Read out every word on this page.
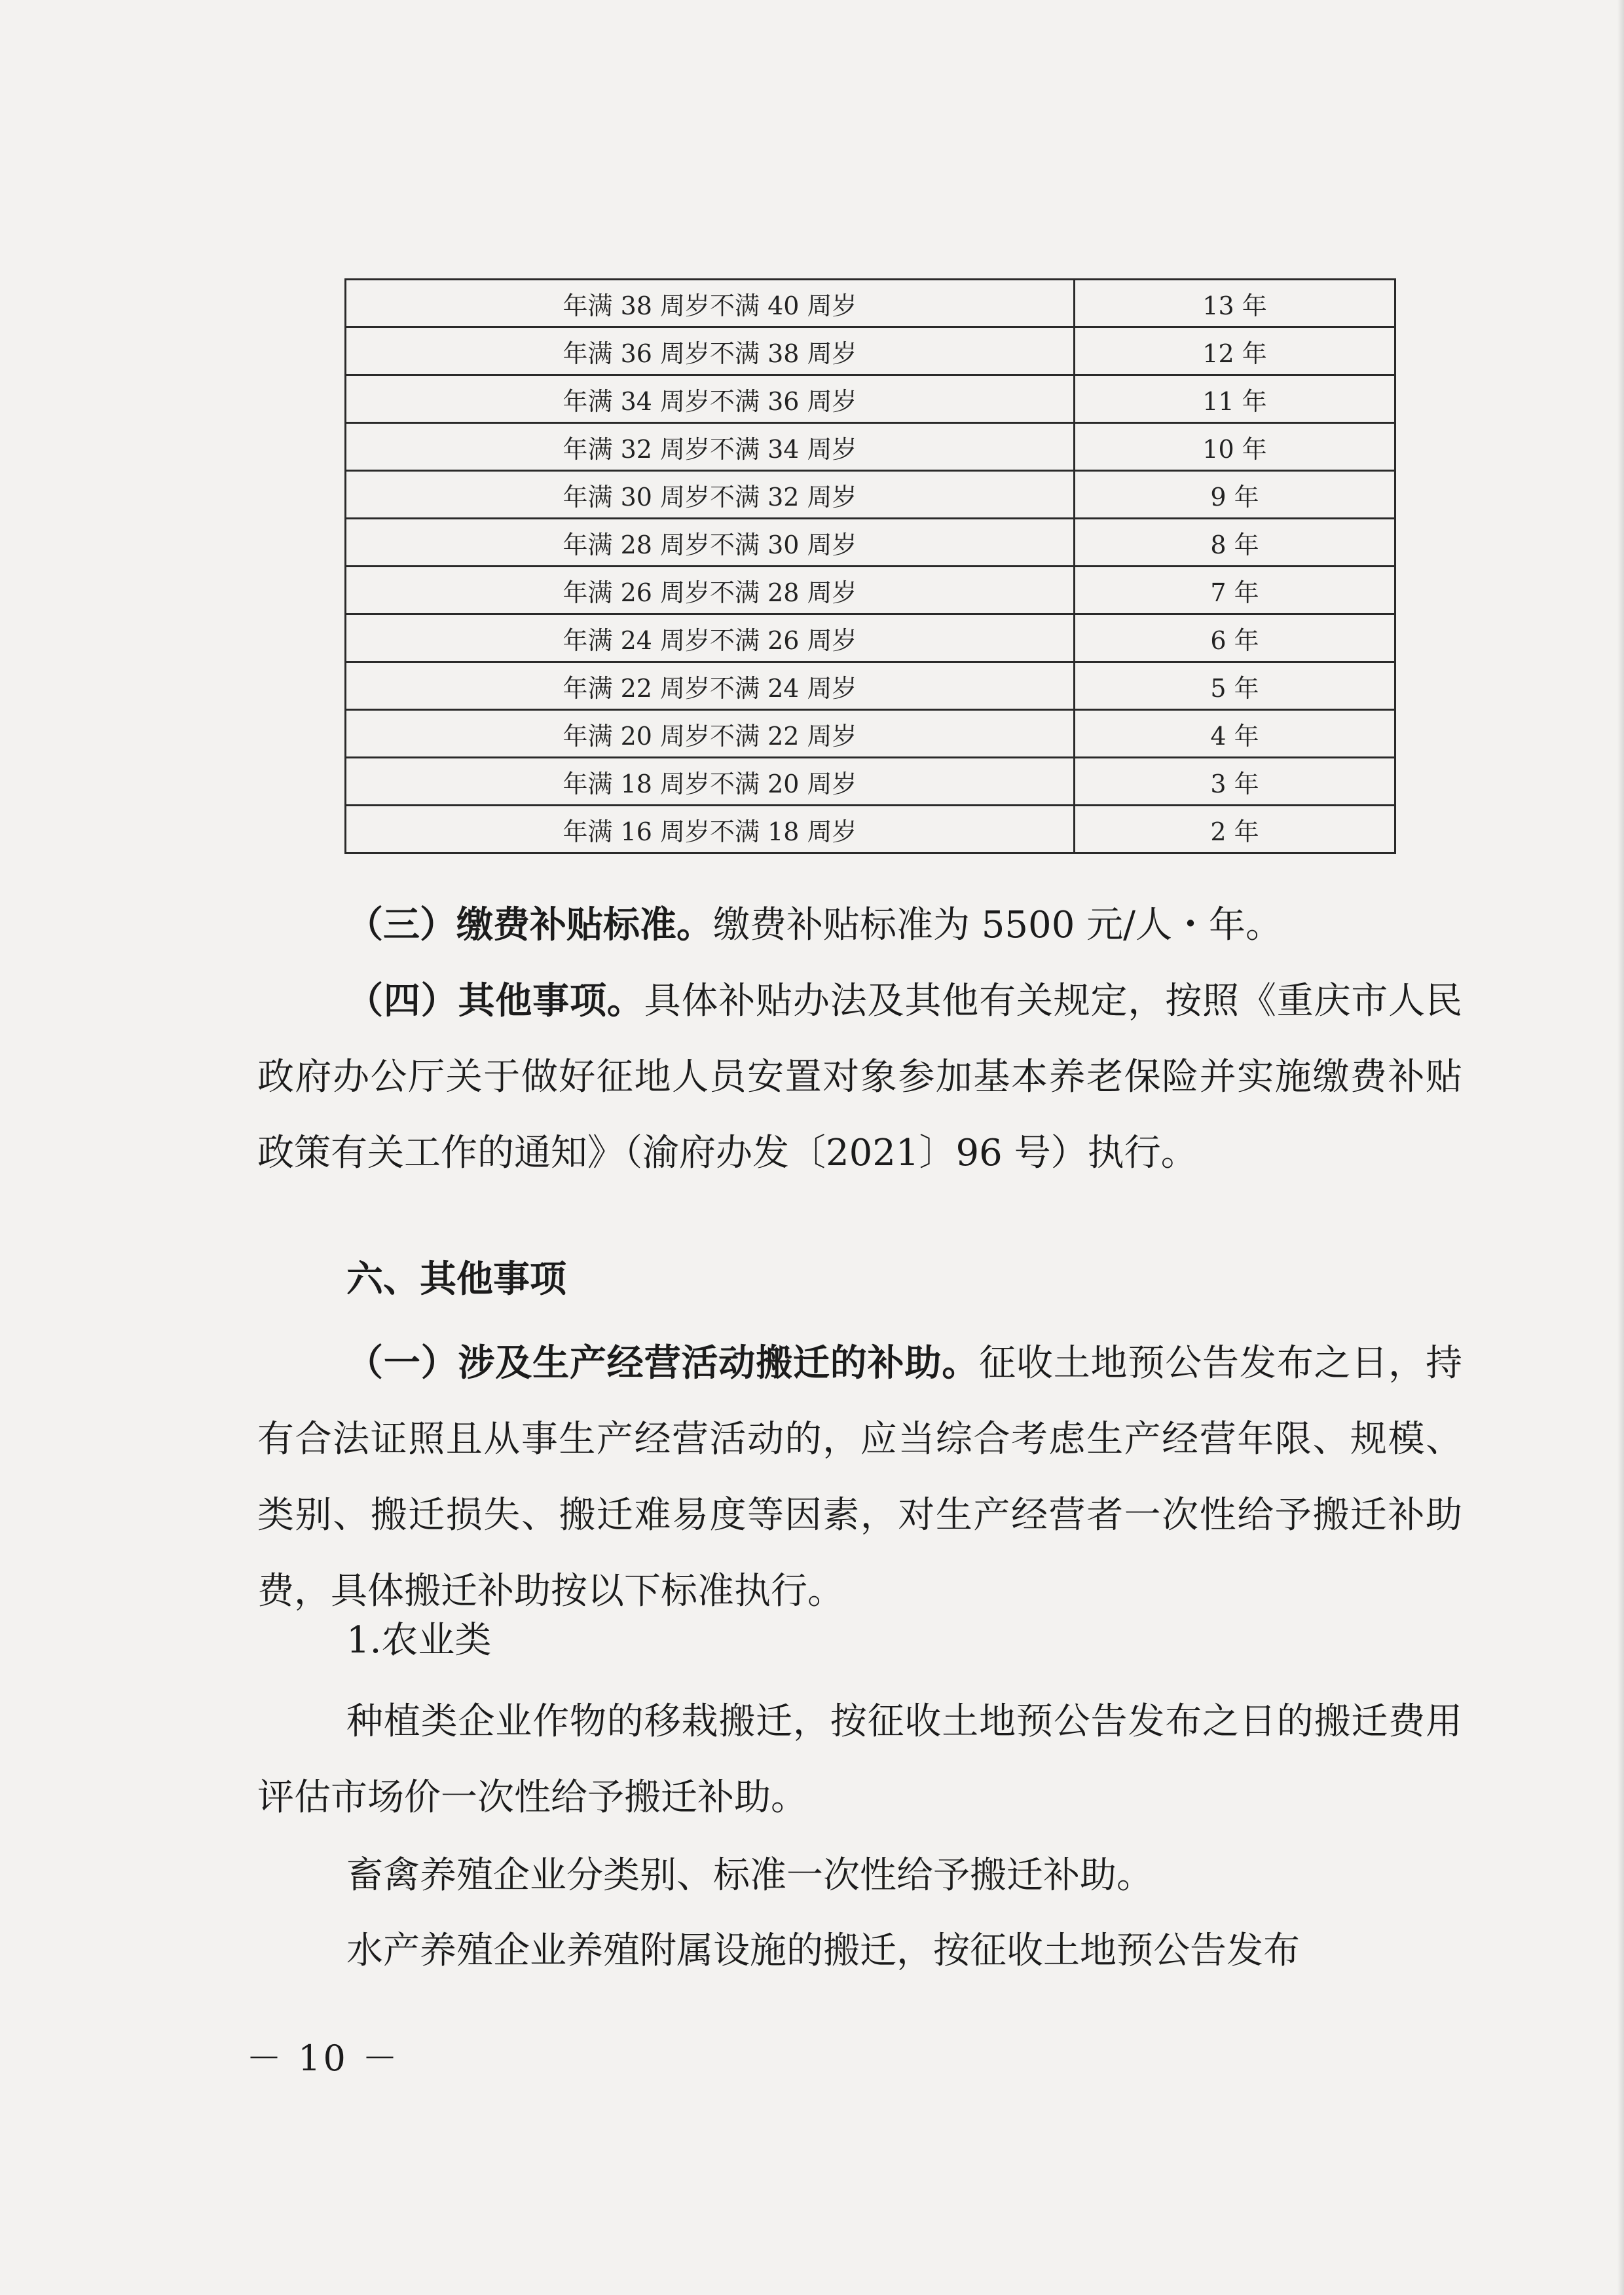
年满 38 周岁不满 40 周岁	13 年
年满 36 周岁不满 38 周岁	12 年
年满 34 周岁不满 36 周岁	11 年
年满 32 周岁不满 34 周岁	10 年
年满 30 周岁不满 32 周岁	9 年
年满 28 周岁不满 30 周岁	8 年
年满 26 周岁不满 28 周岁	7 年
年满 24 周岁不满 26 周岁	6 年
年满 22 周岁不满 24 周岁	5 年
年满 20 周岁不满 22 周岁	4 年
年满 18 周岁不满 20 周岁	3 年
年满 16 周岁不满 18 周岁	2 年
（三）缴费补贴标准。缴费补贴标准为 5500 元/人・年。
（四）其他事项。具体补贴办法及其他有关规定，按照《重庆市人民政府办公厅关于做好征地人员安置对象参加基本养老保险并实施缴费补贴政策有关工作的通知》（渝府办发〔2021〕96 号）执行。
六、其他事项
（一）涉及生产经营活动搬迁的补助。征收土地预公告发布之日，持有合法证照且从事生产经营活动的，应当综合考虑生产经营年限、规模、类别、搬迁损失、搬迁难易度等因素，对生产经营者一次性给予搬迁补助费，具体搬迁补助按以下标准执行。
1.农业类
种植类企业作物的移栽搬迁，按征收土地预公告发布之日的搬迁费用评估市场价一次性给予搬迁补助。
畜禽养殖企业分类别、标准一次性给予搬迁补助。
水产养殖企业养殖附属设施的搬迁，按征收土地预公告发布
－ 10 －
